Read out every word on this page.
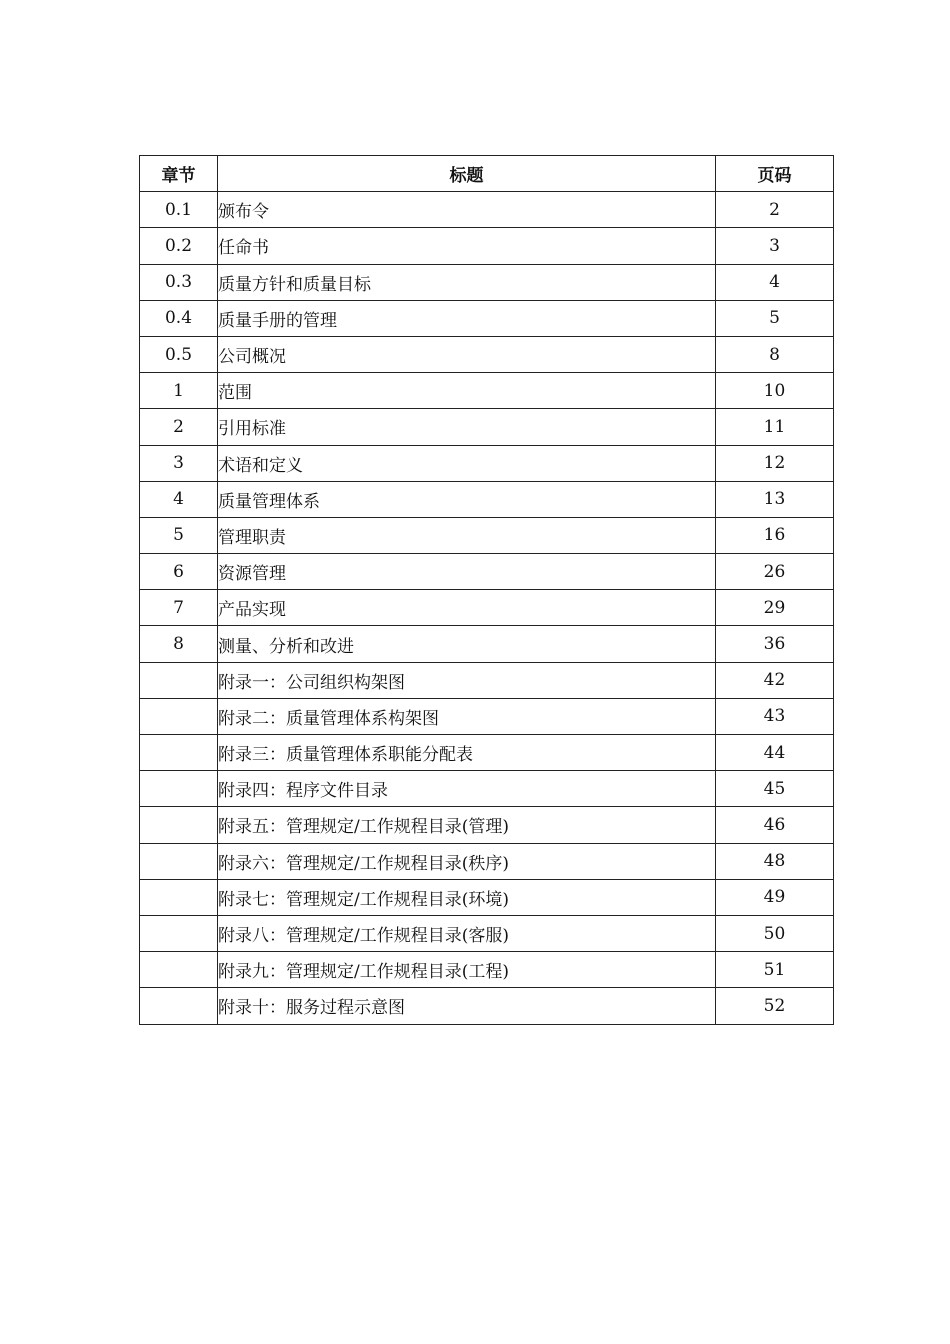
章节	标题	页码
0.1	颁布令	2
0.2	任命书	3
0.3	质量方针和质量目标	4
0.4	质量手册的管理	5
0.5	公司概况	8
1	范围	10
2	引用标准	11
3	术语和定义	12
4	质量管理体系	13
5	管理职责	16
6	资源管理	26
7	产品实现	29
8	测量、分析和改进	36
	附录一：公司组织构架图	42
	附录二：质量管理体系构架图	43
	附录三：质量管理体系职能分配表	44
	附录四：程序文件目录	45
	附录五：管理规定/工作规程目录(管理)	46
	附录六：管理规定/工作规程目录(秩序)	48
	附录七：管理规定/工作规程目录(环境)	49
	附录八：管理规定/工作规程目录(客服)	50
	附录九：管理规定/工作规程目录(工程)	51
	附录十：服务过程示意图	52
